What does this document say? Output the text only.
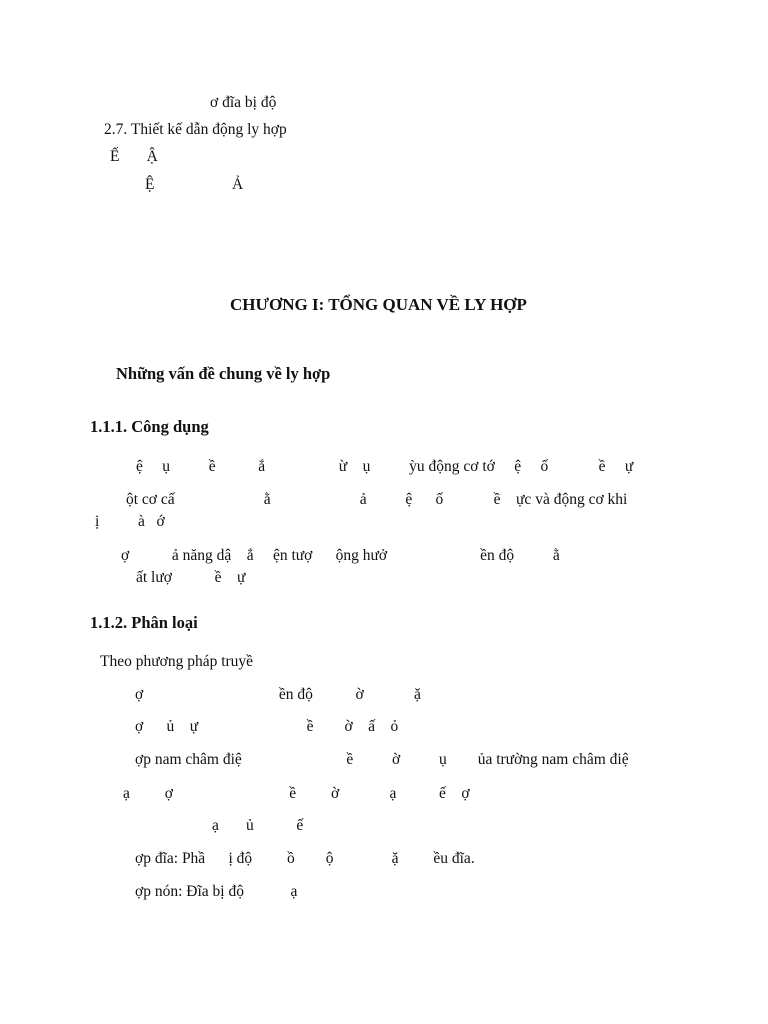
ơ đĩa bị độ
2.7. Thiết kế dẫn động ly hợp
Ế       Ậ
Ệ                    Ả
CHƯƠNG I: TỔNG QUAN VỀ LY HỢP
Những vấn đề chung về ly hợp
1.1.1. Công dụng
ệ     ụ          ề           ắ                   ừ    ụ          ỳu động cơ tớ     ệ     ố             ề     ự
ột cơ cấ                       ằ                       ả          ệ      ố             ề    ực và động cơ khi
ị          à   ớ
ợ           ả năng dậ    ắ     ện tượ      ộng hưở                        ền độ          ằ
ất lượ           ề    ự
1.1.2. Phân loại
Theo phương pháp truyề
ợ                                   ền độ           ờ             ặ
ợ      ủ    ự                            ề        ờ    ấ    ỏ
ợp nam châm điệ                           ề          ờ          ụ        ủa trường nam châm điệ
ạ         ợ                              ề         ờ             ạ           ế    ợ
ạ       ủ           ế
ợp đĩa: Phầ      ị độ         ồ        ộ               ặ         ều đĩa.
ợp nón: Đĩa bị độ            ạ
